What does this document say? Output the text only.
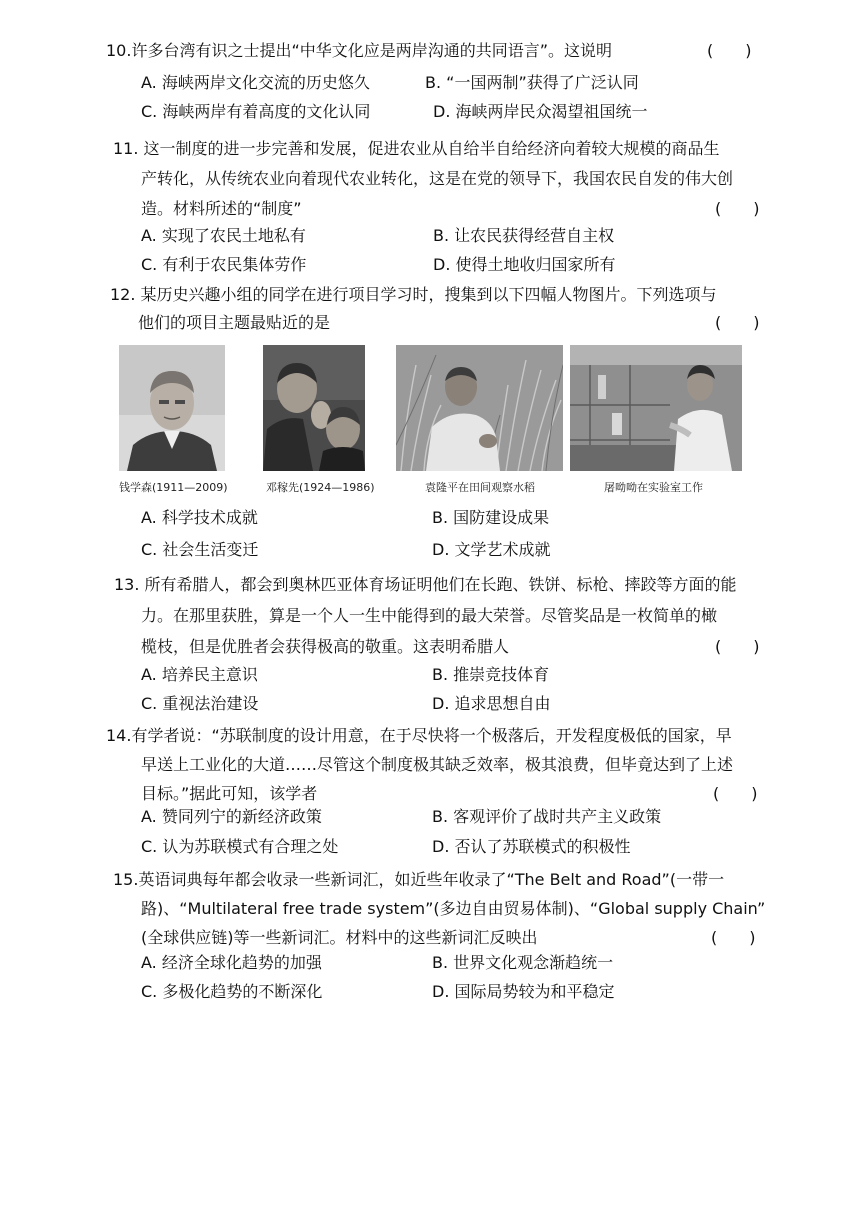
10.许多台湾有识之士提出“中华文化应是两岸沟通的共同语言”。这说明	(　　)
A. 海峡两岸文化交流的历史悠久	B. “一国两制”获得了广泛认同
C. 海峡两岸有着高度的文化认同	D. 海峡两岸民众渴望祖国统一
11. 这一制度的进一步完善和发展，促进农业从自给半自给经济向着较大规模的商品生
产转化，从传统农业向着现代农业转化，这是在党的领导下，我国农民自发的伟大创
造。材料所述的“制度”	(　　)
A. 实现了农民土地私有	B. 让农民获得经营自主权
C. 有利于农民集体劳作	D. 使得土地收归国家所有
12. 某历史兴趣小组的同学在进行项目学习时，搜集到以下四幅人物图片。下列选项与
他们的项目主题最贴近的是	(　　)
钱学森(1911—2009)	邓稼先(1924—1986)	袁隆平在田间观察水稻	屠呦呦在实验室工作
A. 科学技术成就	B. 国防建设成果
C. 社会生活变迁	D. 文学艺术成就
13. 所有希腊人，都会到奥林匹亚体育场证明他们在长跑、铁饼、标枪、摔跤等方面的能
力。在那里获胜，算是一个人一生中能得到的最大荣誉。尽管奖品是一枚简单的橄
榄枝，但是优胜者会获得极高的敬重。这表明希腊人	(　　)
A. 培养民主意识	B. 推崇竞技体育
C. 重视法治建设	D. 追求思想自由
14.有学者说：“苏联制度的设计用意，在于尽快将一个极落后，开发程度极低的国家，早
早送上工业化的大道……尽管这个制度极其缺乏效率，极其浪费，但毕竟达到了上述
目标。”据此可知，该学者	(　　)
A. 赞同列宁的新经济政策	B. 客观评价了战时共产主义政策
C. 认为苏联模式有合理之处	D. 否认了苏联模式的积极性
15.英语词典每年都会收录一些新词汇，如近些年收录了“The Belt and Road”(一带一
路)、“Multilateral free trade system”(多边自由贸易体制)、“Global supply Chain”
(全球供应链)等一些新词汇。材料中的这些新词汇反映出	(　　)
A. 经济全球化趋势的加强	B. 世界文化观念渐趋统一
C. 多极化趋势的不断深化	D. 国际局势较为和平稳定
